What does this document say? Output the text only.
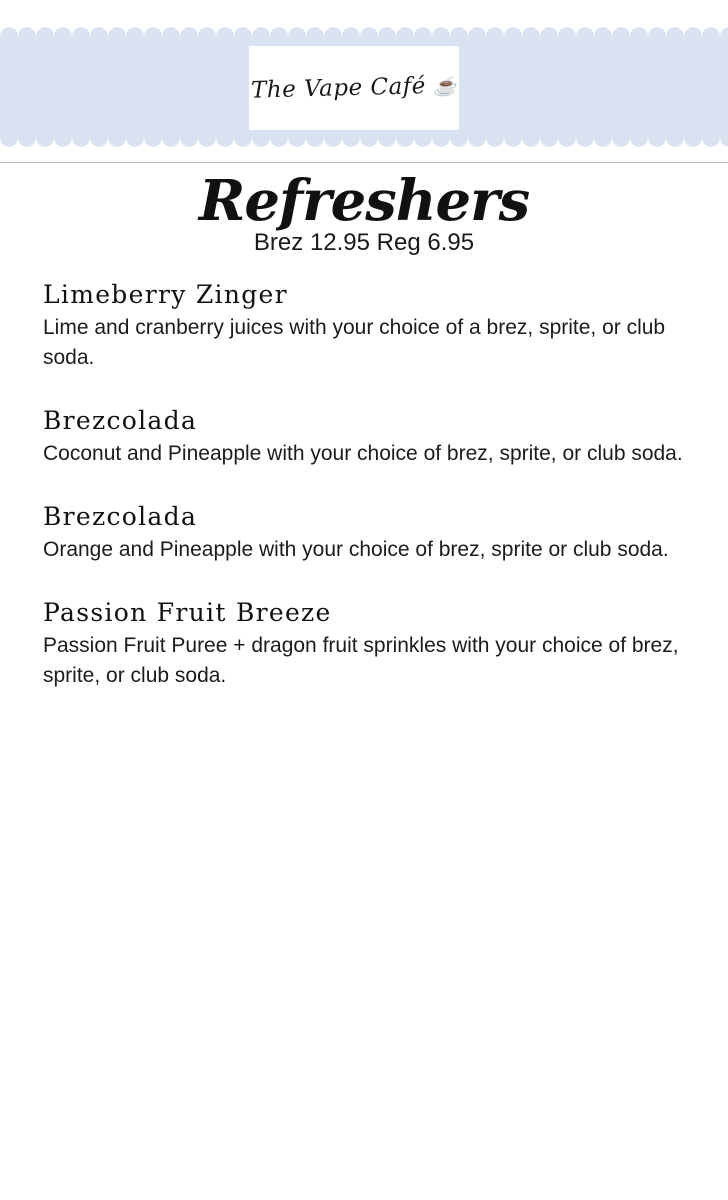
The Vape Café ☕
Refreshers
Brez 12.95 Reg 6.95
Limeberry Zinger
Lime and cranberry juices with your choice of a brez, sprite, or club soda.
Brezcolada
Coconut and Pineapple with your choice of brez, sprite, or club soda.
Brezcolada
Orange and Pineapple with your choice of brez, sprite or club soda.
Passion Fruit Breeze
Passion Fruit Puree + dragon fruit sprinkles with your choice of brez, sprite, or club soda.
